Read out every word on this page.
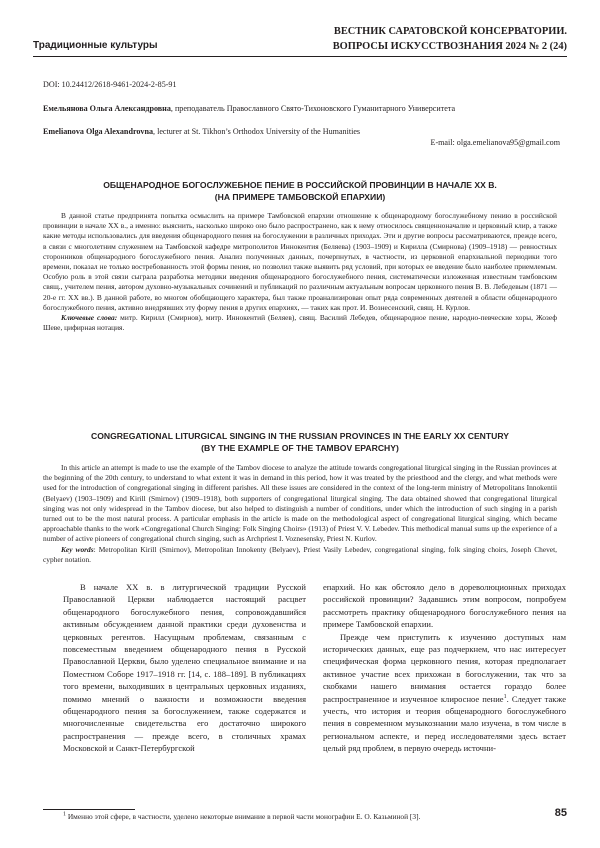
Традиционные культуры
ВЕСТНИК САРАТОВСКОЙ КОНСЕРВАТОРИИ.
ВОПРОСЫ ИСКУССТВОЗНАНИЯ 2024 № 2 (24)
DOI: 10.24412/2618-9461-2024-2-85-91
Емельянова Ольга Александровна, преподаватель Православного Свято-Тихоновского Гуманитарного Университета
Emelianova Olga Alexandrovna, lecturer at St. Tikhon’s Orthodox University of the Humanities
E-mail: olga.emelianova95@gmail.com
ОБЩЕНАРОДНОЕ БОГОСЛУЖЕБНОЕ ПЕНИЕ В РОССИЙСКОЙ ПРОВИНЦИИ В НАЧАЛЕ ХХ В.
(НА ПРИМЕРЕ ТАМБОВСКОЙ ЕПАРХИИ)

В данной статье предпринята попытка осмыслить на примере Тамбовской епархии отношение к общенародному богослужебному пению в российской провинции в начале ХХ в., а именно: выяснить, насколько широко оно было распространено, как к нему относилось священноначалие и церковный клир, а также какие методы использовались для введения общенародного пения на богослужении в различных приходах. Эти и другие вопросы рассматриваются, прежде всего, в связи с многолетним служением на Тамбовской кафедре митрополитов Иннокентия (Беляева) (1903–1909) и Кирилла (Смирнова) (1909–1918) — ревностных сторонников общенародного богослужебного пения. Анализ полученных данных, почерпнутых, в частности, из церковной епархиальной периодики того времени, показал не только востребованность этой формы пения, но позволил также выявить ряд условий, при которых ее введение было наиболее приемлемым. Особую роль в этой связи сыграла разработка методики введения общенародного богослужебного пения, систематически изложенная известным тамбовским свящ., учителем пения, автором духовно-музыкальных сочинений и публикаций по различным актуальным вопросам церковного пения В. В. Лебедевым (1871 — 20-е гг. ХХ вв.). В данной работе, во многом обобщающего характера, был также проанализирован опыт ряда современных деятелей в области общенародного богослужебного пения, активно внедрявших эту форму пения в других епархиях, — таких как прот. И. Вознесенский, свящ. Н. Курлов.

Ключевые слова: митр. Кирилл (Смирнов), митр. Иннокентий (Беляев), свящ. Василий Лебедев, общенародное пение, народно-певческие хоры, Жозеф Шеве, цифирная нотация.

CONGREGATIONAL LITURGICAL SINGING IN THE RUSSIAN PROVINCES IN THE EARLY XX CENTURY
(BY THE EXAMPLE OF THE TAMBOV EPARCHY)

In this article an attempt is made to use the example of the Tambov diocese to analyze the attitude towards congregational liturgical singing in the Russian provinces at the beginning of the 20th century, to understand to what extent it was in demand in this period, how it was treated by the priesthood and the clergy, and what methods were used for the introduction of congregational singing in different parishes. All these issues are considered in the context of the long-term ministry of Metropolitans Innokentii (Belyaev) (1903–1909) and Kirill (Smirnov) (1909–1918), both supporters of congregational liturgical singing. The data obtained showed that congregational liturgical singing was not only widespread in the Tambov diocese, but also helped to distinguish a number of conditions, under which the introduction of such singing in a parish turned out to be the most natural process. A particular emphasis in the article is made on the methodological aspect of congregational liturgical singing, which became approachable thanks to the work «Congregational Church Singing: Folk Singing Choirs» (1913) of Priest V. V. Lebedev. This methodical manual sums up the experience of a number of active pioneers of congregational church singing, such as Archpriest I. Voznesensky, Priest N. Kurlov.

Key words: Metropolitan Kirill (Smirnov), Metropolitan Innokenty (Belyaev), Priest Vasily Lebedev, congregational singing, folk singing choirs, Joseph Chevet, cypher notation.

В начале ХХ в. в литургической традиции Русской Православной Церкви наблюдается настоящий расцвет общенародного богослужебного пения, сопровождавшийся активным обсуждением данной практики среди духовенства и церковных регентов. Насущным проблемам, связанным с повсеместным введением общенародного пения в Русской Православной Церкви, было уделено специальное внимание и на Поместном Соборе 1917–1918 гг. [14, с. 188–189]. В публикациях того времени, выходивших в центральных церковных изданиях, помимо мнений о важности и возможности введения общенародного пения за богослужением, также содержатся и многочисленные свидетельства его достаточно широкого распространения — прежде всего, в столичных храмах Московской и Санкт-Петербургской

епархий. Но как обстояло дело в дореволюционных приходах российской провинции? Задавшись этим вопросом, попробуем рассмотреть практику общенародного богослужебного пения на примере Тамбовской епархии.

Прежде чем приступить к изучению доступных нам исторических данных, еще раз подчеркнем, что нас интересует специфическая форма церковного пения, которая предполагает активное участие всех прихожан в богослужении, так что за скобками нашего внимания остается гораздо более распространенное и изученное клиросное пение$^1$. Следует также учесть, что история и теория общенародного богослужебного пения в современном музыкознании мало изучена, в том числе в региональном аспекте, и перед исследователями здесь встает целый ряд проблем, в первую очередь источни-

$^1$ Именно этой сфере, в частности, уделено некоторые внимание в первой части монографии Е. О. Казьминой [3].	85
